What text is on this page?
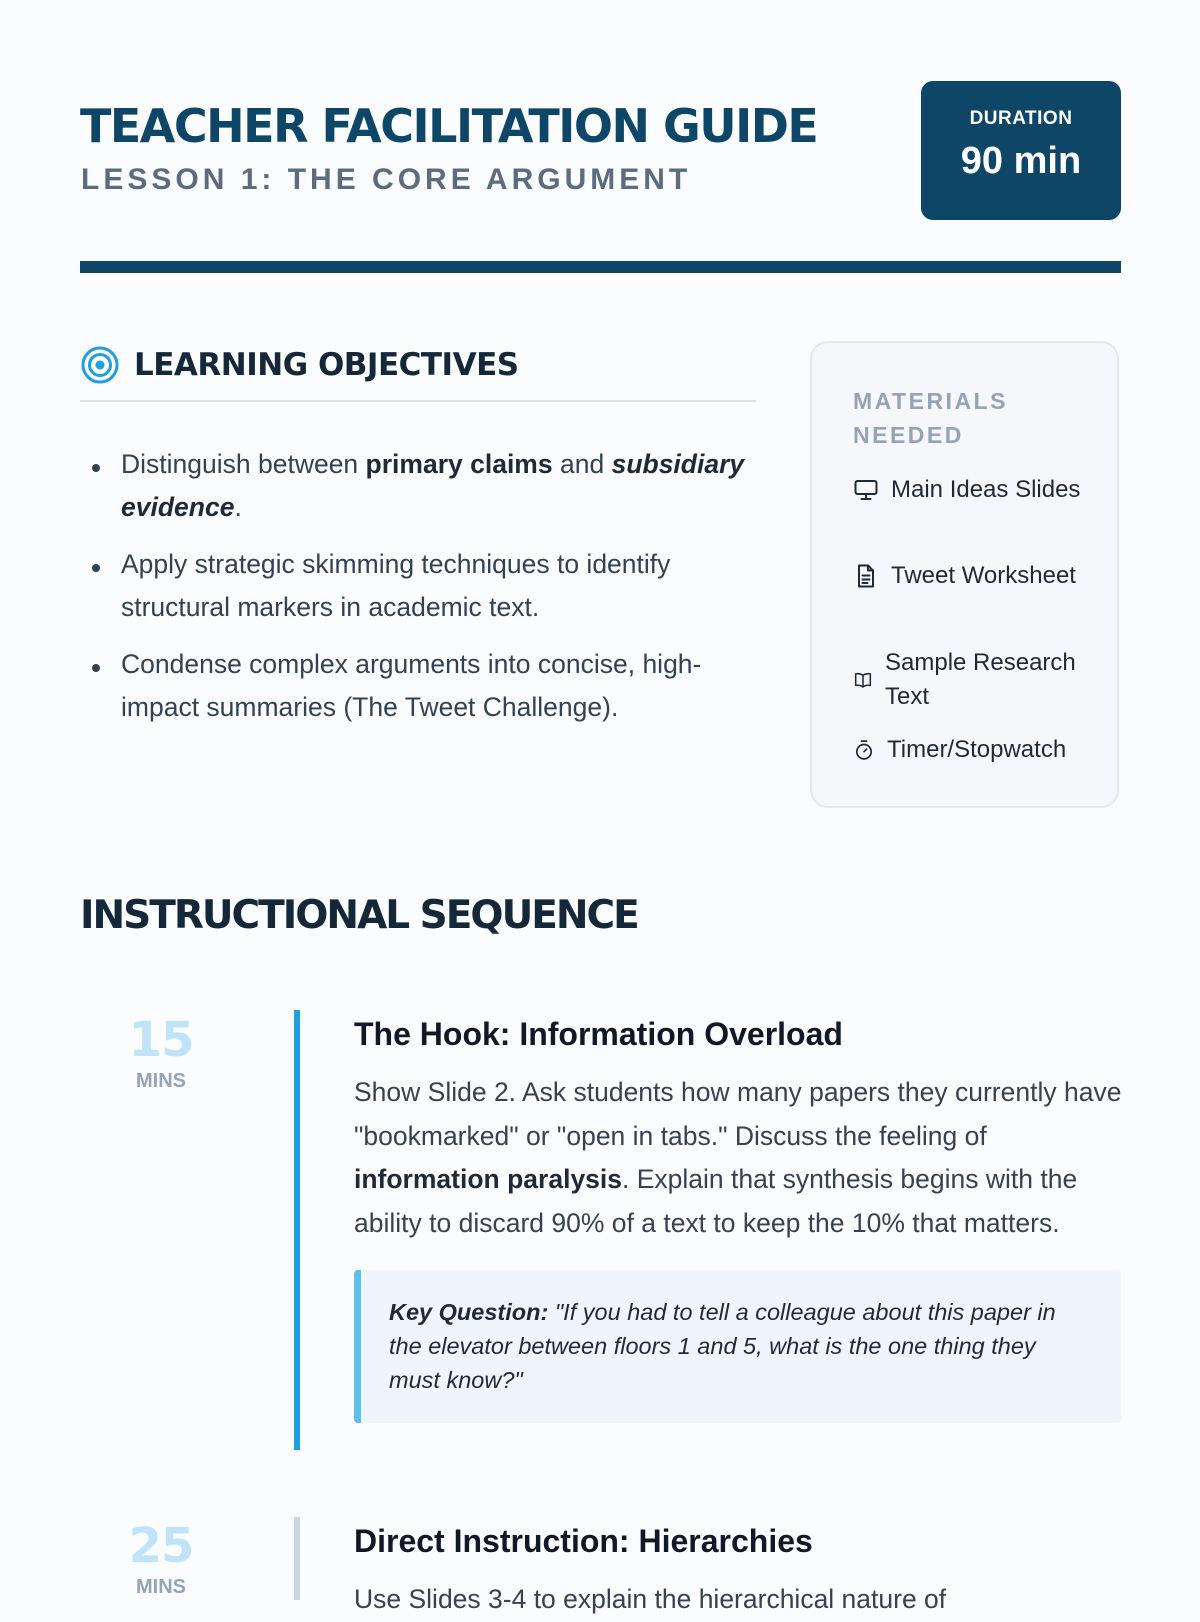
TEACHER FACILITATION GUIDE
LESSON 1: THE CORE ARGUMENT
DURATION
90 min
LEARNING OBJECTIVES
Distinguish between primary claims and subsidiary evidence.
Apply strategic skimming techniques to identify structural markers in academic text.
Condense complex arguments into concise, high-impact summaries (The Tweet Challenge).
MATERIALS NEEDED
Main Ideas Slides
Tweet Worksheet
Sample Research Text
Timer/Stopwatch
INSTRUCTIONAL SEQUENCE
15
MINS
The Hook: Information Overload

Show Slide 2. Ask students how many papers they currently have "bookmarked" or "open in tabs." Discuss the feeling of information paralysis. Explain that synthesis begins with the ability to discard 90% of a text to keep the 10% that matters.

Key Question: "If you had to tell a colleague about this paper in the elevator between floors 1 and 5, what is the one thing they must know?"
25
MINS
Direct Instruction: Hierarchies

Use Slides 3-4 to explain the hierarchical nature of
